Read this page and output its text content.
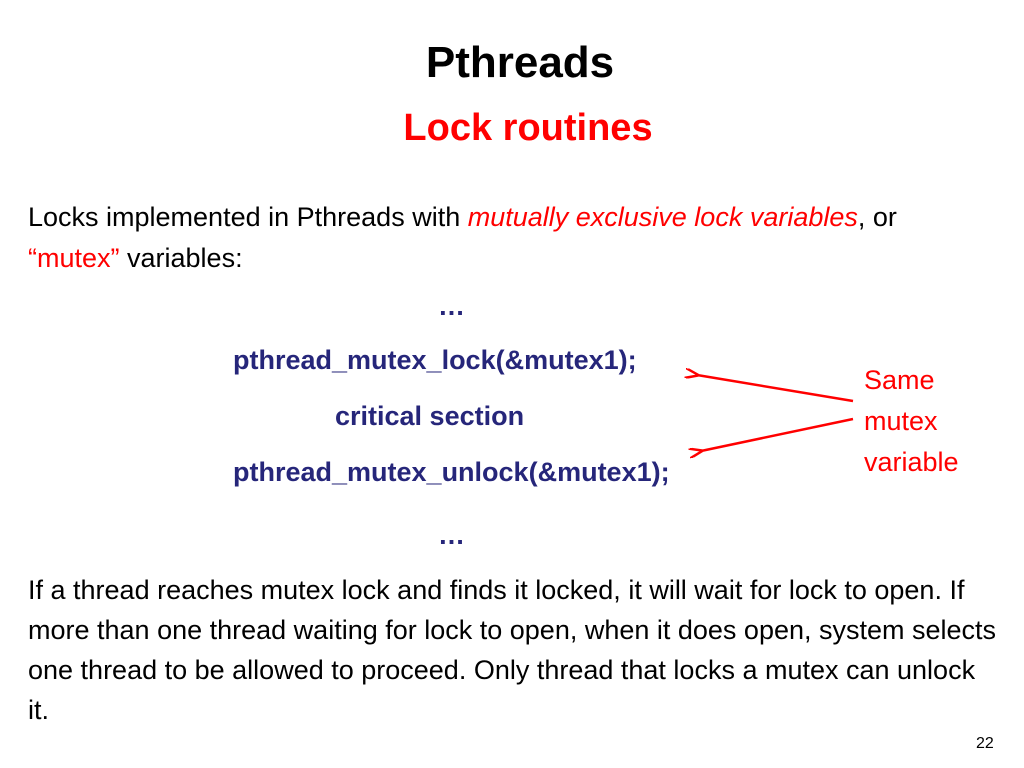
Pthreads
Lock routines
Locks implemented in Pthreads with mutually exclusive lock variables, or “mutex” variables:
…
pthread_mutex_lock(&mutex1);
critical section
pthread_mutex_unlock(&mutex1);
…
Same
mutex
variable
If a thread reaches mutex lock and finds it locked, it will wait for lock to open. If more than one thread waiting for lock to open, when it does open, system selects one thread to be allowed to proceed. Only thread that locks a mutex can unlock it.
22
